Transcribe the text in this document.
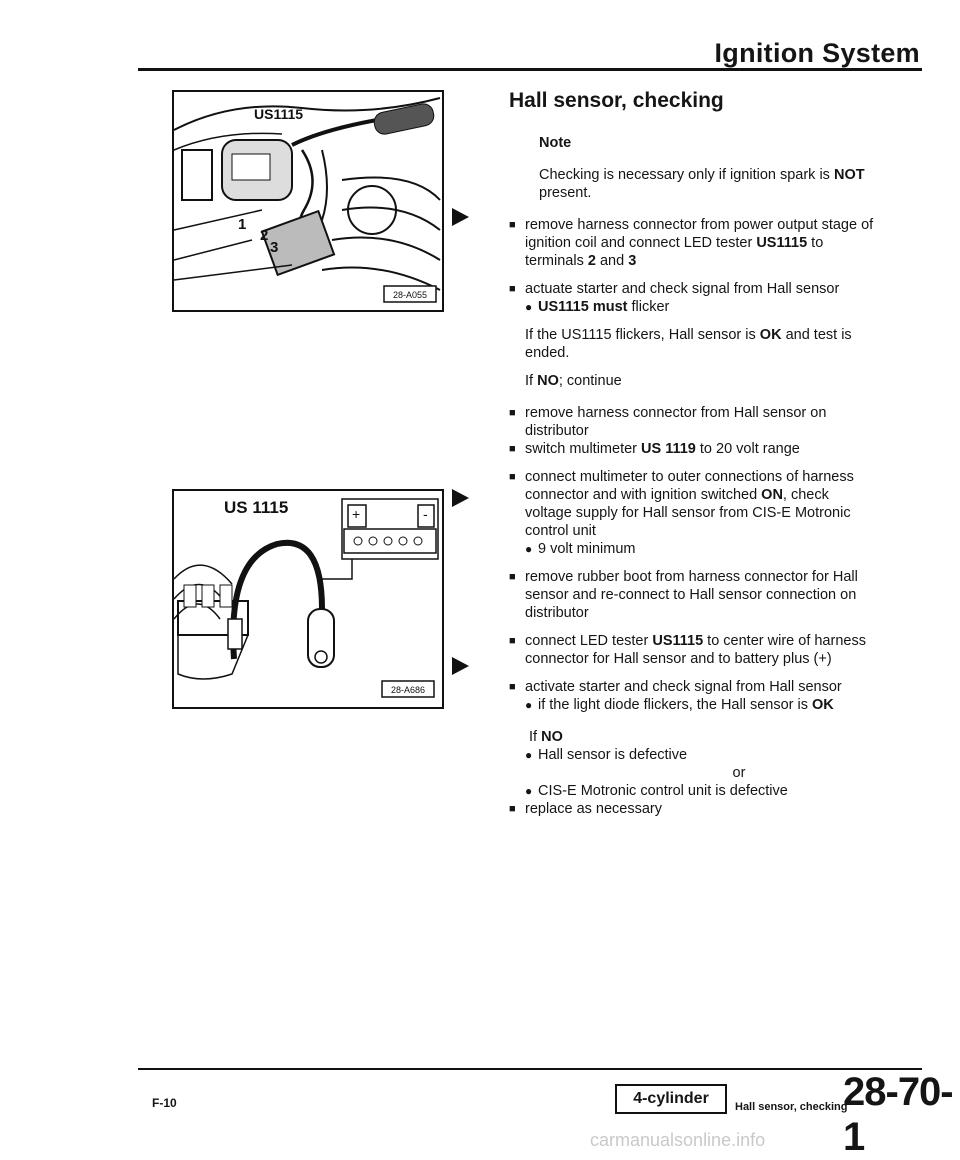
Ignition System
US1115
1
2
3
28-A055
US 1115	+	-
28-A686
Hall sensor, checking
Note
Checking is necessary only if ignition spark is NOT present.
■ remove harness connector from power output stage of ignition coil and connect LED tester US1115 to terminals 2 and 3
■ actuate starter and check signal from Hall sensor
● US1115 must flicker
If the US1115 flickers, Hall sensor is OK and test is ended.
If NO; continue
■ remove harness connector from Hall sensor on distributor
■ switch multimeter US 1119 to 20 volt range
■ connect multimeter to outer connections of harness connector and with ignition switched ON, check voltage supply for Hall sensor from CIS-E Motronic control unit
● 9 volt minimum
■ remove rubber boot from harness connector for Hall sensor and re-connect to Hall sensor connection on distributor
■ connect LED tester US1115 to center wire of harness connector for Hall sensor and to battery plus (+)
■ activate starter and check signal from Hall sensor
● if the light diode flickers, the Hall sensor is OK
If NO
● Hall sensor is defective
or
● CIS-E Motronic control unit is defective
■ replace as necessary
F-10	4-cylinder	Hall sensor, checking
28-70-1
carmanualsonline.info
